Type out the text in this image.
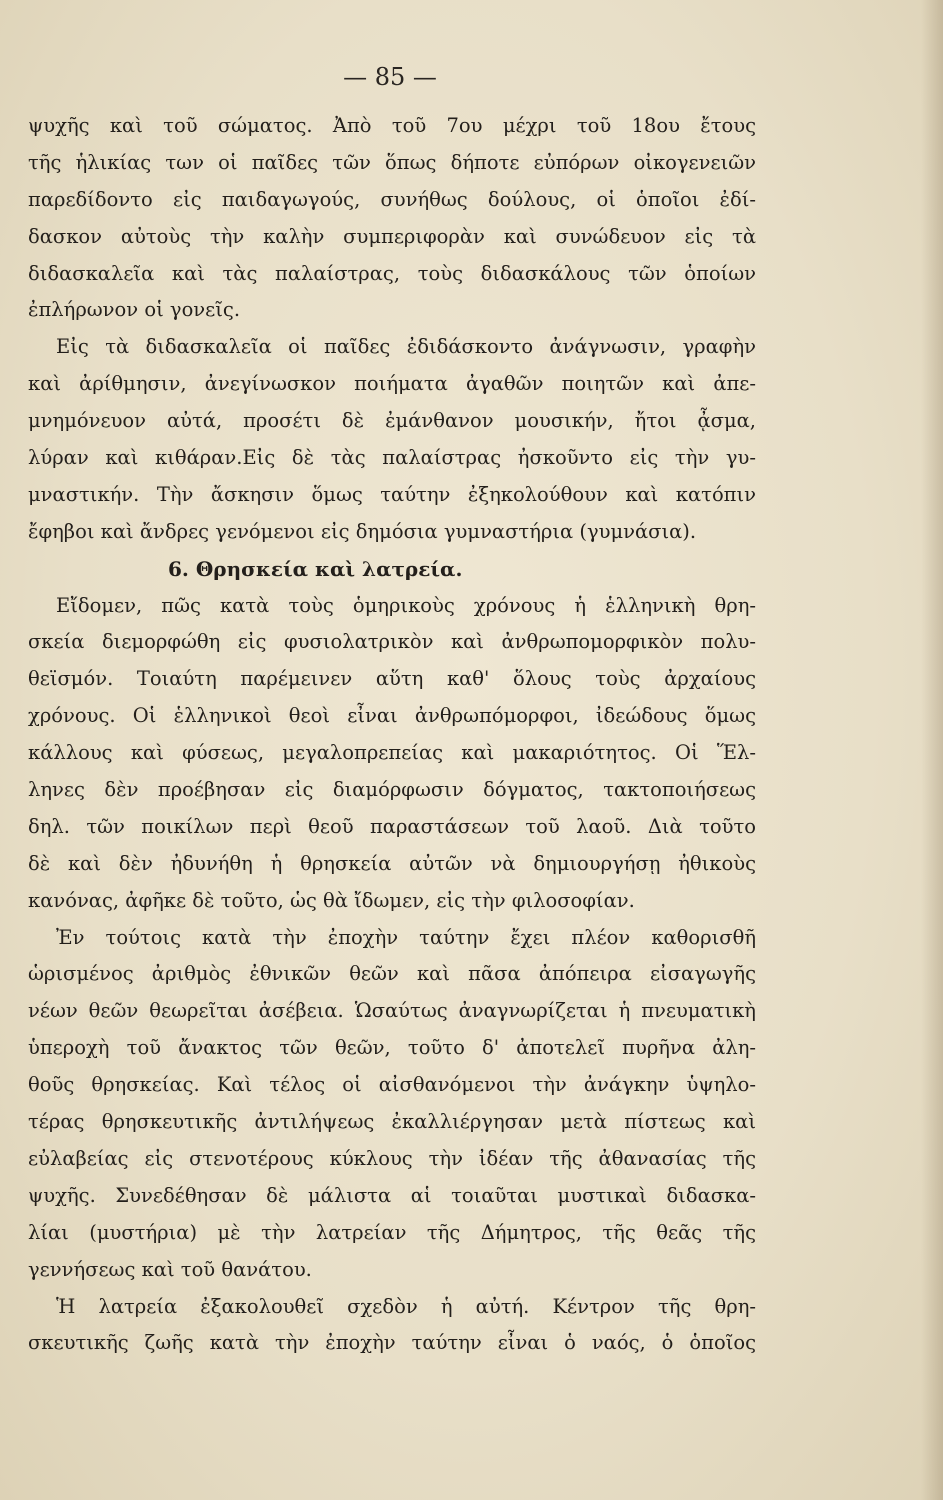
— 85 —
ψυχῆς καὶ τοῦ σώματος. Ἀπὸ τοῦ 7ου μέχρι τοῦ 18ου ἔτους
τῆς ἡλικίας των οἱ παῖδες τῶν ὅπως δήποτε εὐπόρων οἰκογενειῶν
παρεδίδοντο εἰς παιδαγωγούς, συνήθως δούλους, οἱ ὁποῖοι ἐδί-
δασκον αὐτοὺς τὴν καλὴν συμπεριφορὰν καὶ συνώδευον εἰς τὰ
διδασκαλεῖα καὶ τὰς παλαίστρας, τοὺς διδασκάλους τῶν ὁποίων
ἐπλήρωνον οἱ γονεῖς.
Εἰς τὰ διδασκαλεῖα οἱ παῖδες ἐδιδάσκοντο ἀνάγνωσιν, γραφὴν
καὶ ἀρίθμησιν, ἀνεγίνωσκον ποιήματα ἀγαθῶν ποιητῶν καὶ ἀπε-
μνημόνευον αὐτά, προσέτι δὲ ἐμάνθανον μουσικήν, ἤτοι ᾆσμα,
λύραν καὶ κιθάραν.Εἰς δὲ τὰς παλαίστρας ἠσκοῦντο εἰς τὴν γυ-
μναστικήν. Τὴν ἄσκησιν ὅμως ταύτην ἐξηκολούθουν καὶ κατόπιν
ἔφηβοι καὶ ἄνδρες γενόμενοι εἰς δημόσια γυμναστήρια (γυμνάσια).
6. Θρησκεία καὶ λατρεία.
Εἴδομεν, πῶς κατὰ τοὺς ὁμηρικοὺς χρόνους ἡ ἑλληνικὴ θρη-
σκεία διεμορφώθη εἰς φυσιολατρικὸν καὶ ἀνθρωπομορφικὸν πολυ-
θεϊσμόν. Τοιαύτη παρέμεινεν αὕτη καθ' ὅλους τοὺς ἀρχαίους
χρόνους. Οἱ ἑλληνικοὶ θεοὶ εἶναι ἀνθρωπόμορφοι, ἰδεώδους ὅμως
κάλλους καὶ φύσεως, μεγαλοπρεπείας καὶ μακαριότητος. Οἱ Ἕλ-
ληνες δὲν προέβησαν εἰς διαμόρφωσιν δόγματος, τακτοποιήσεως
δηλ. τῶν ποικίλων περὶ θεοῦ παραστάσεων τοῦ λαοῦ. Διὰ τοῦτο
δὲ καὶ δὲν ἠδυνήθη ἡ θρησκεία αὐτῶν νὰ δημιουργήσῃ ἠθικοὺς
κανόνας, ἀφῆκε δὲ τοῦτο, ὡς θὰ ἴδωμεν, εἰς τὴν φιλοσοφίαν.
Ἐν τούτοις κατὰ τὴν ἐποχὴν ταύτην ἔχει πλέον καθορισθῆ
ὡρισμένος ἀριθμὸς ἐθνικῶν θεῶν καὶ πᾶσα ἀπόπειρα εἰσαγωγῆς
νέων θεῶν θεωρεῖται ἀσέβεια. Ὡσαύτως ἀναγνωρίζεται ἡ πνευματικὴ
ὑπεροχὴ τοῦ ἄνακτος τῶν θεῶν, τοῦτο δ' ἀποτελεῖ πυρῆνα ἀλη-
θοῦς θρησκείας. Καὶ τέλος οἱ αἰσθανόμενοι τὴν ἀνάγκην ὑψηλο-
τέρας θρησκευτικῆς ἀντιλήψεως ἐκαλλιέργησαν μετὰ πίστεως καὶ
εὐλαβείας εἰς στενοτέρους κύκλους τὴν ἰδέαν τῆς ἀθανασίας τῆς
ψυχῆς. Συνεδέθησαν δὲ μάλιστα αἱ τοιαῦται μυστικαὶ διδασκα-
λίαι (μυστήρια) μὲ τὴν λατρείαν τῆς Δήμητρος, τῆς θεᾶς τῆς
γεννήσεως καὶ τοῦ θανάτου.
Ἡ λατρεία ἐξακολουθεῖ σχεδὸν ἡ αὐτή. Κέντρον τῆς θρη-
σκευτικῆς ζωῆς κατὰ τὴν ἐποχὴν ταύτην εἶναι ὁ ναός, ὁ ὁποῖος
